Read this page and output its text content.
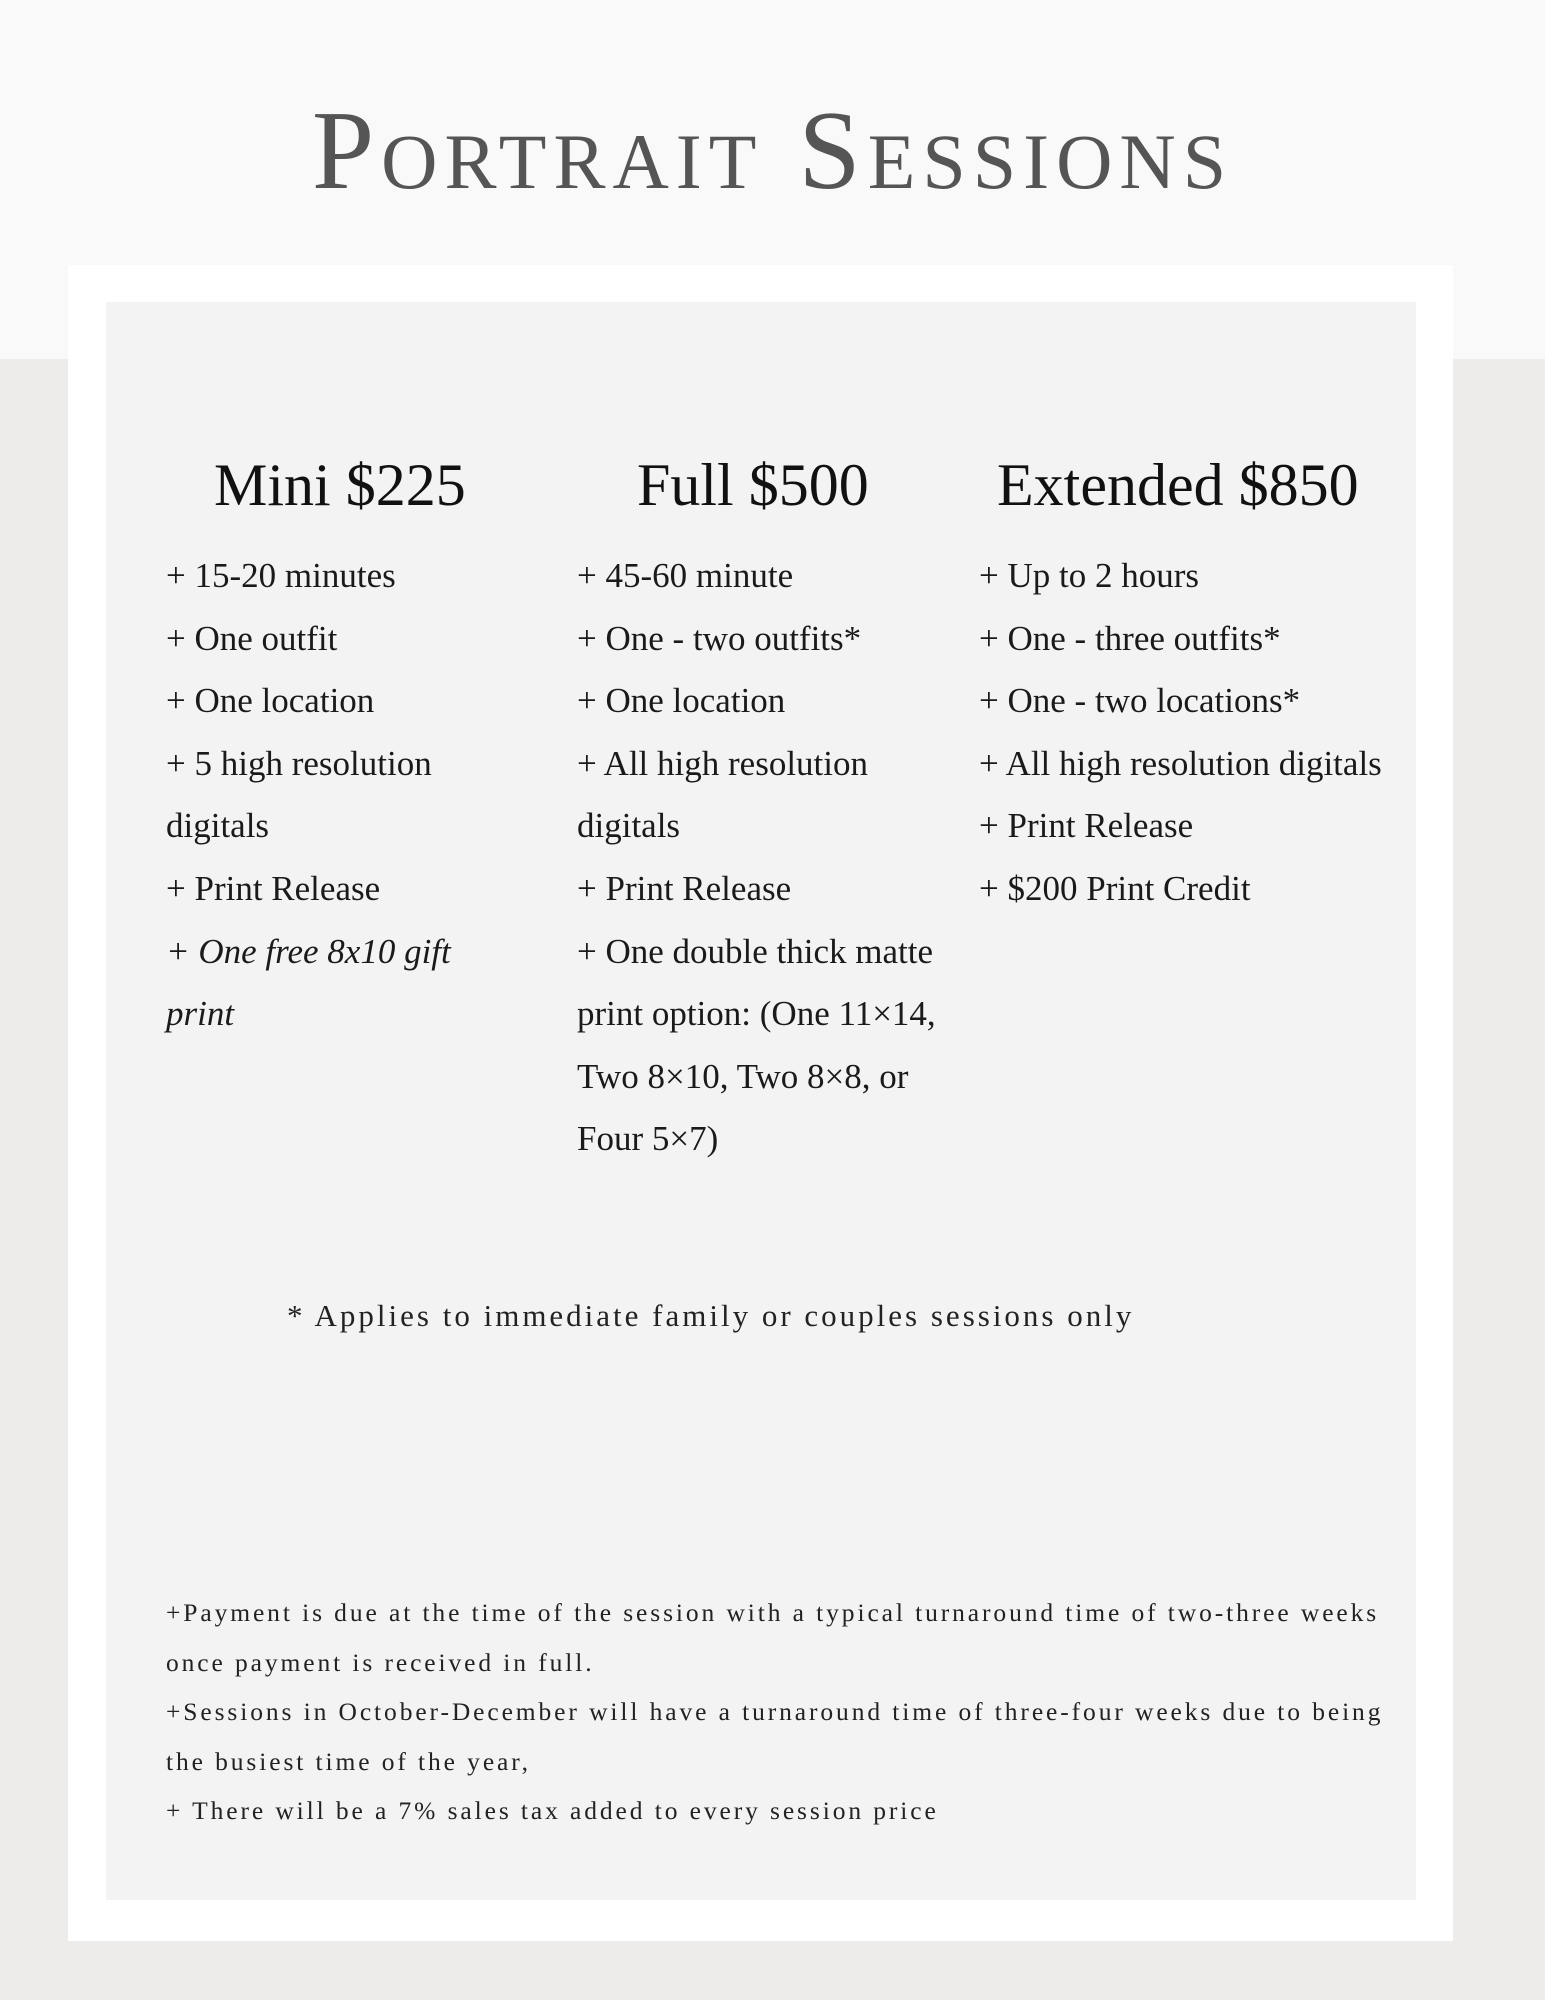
Portrait Sessions
Mini $225
+ 15-20 minutes
+ One outfit
+ One location
+ 5 high resolution digitals
+ Print Release
+ One free 8x10 gift print
Full $500
+ 45-60 minute
+ One - two outfits*
+ One location
+ All high resolution digitals
+ Print Release
+ One double thick matte print option: (One 11×14, Two 8×10, Two 8×8, or Four 5×7)
Extended $850
+ Up to 2 hours
+ One - three outfits*
+ One - two locations*
+ All high resolution digitals
+ Print Release
+ $200 Print Credit
* Applies to immediate family or couples sessions only

+Payment is due at the time of the session with a typical turnaround time of two-three weeks once payment is received in full.

+Sessions in October-December will have a turnaround time of three-four weeks due to being the busiest time of the year,

+ There will be a 7% sales tax added to every session price
